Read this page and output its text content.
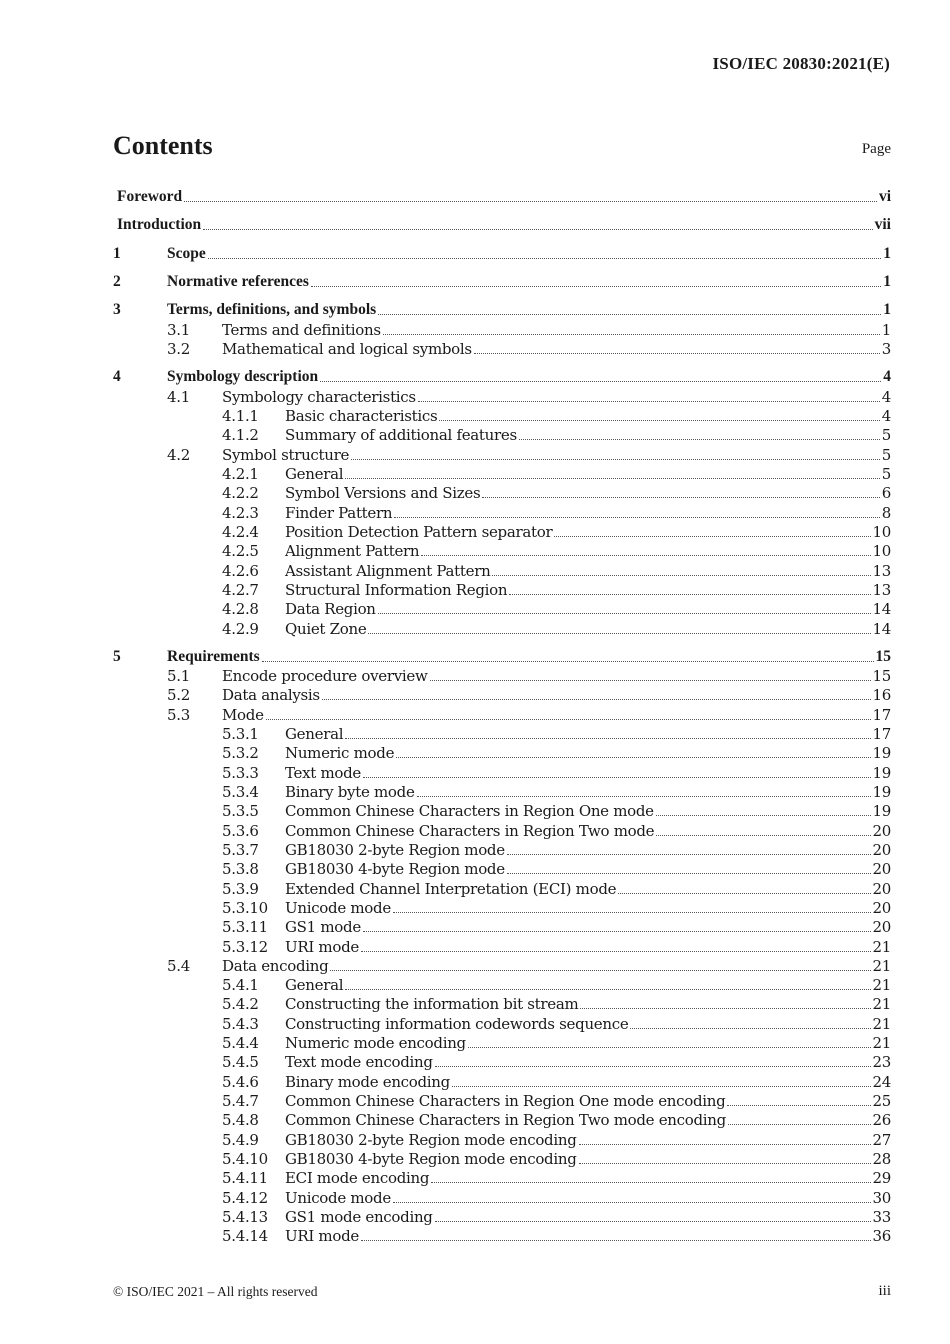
ISO/IEC 20830:2021(E)
Contents	Page
Foreword	vi
Introduction	vii
1	Scope	1
2	Normative references	1
3	Terms, definitions, and symbols	1
3.1 Terms and definitions	1
3.2 Mathematical and logical symbols	3
4	Symbology description	4
4.1 Symbology characteristics	4
4.1.1 Basic characteristics	4
4.1.2 Summary of additional features	5
4.2 Symbol structure	5
4.2.1 General	5
4.2.2 Symbol Versions and Sizes	6
4.2.3 Finder Pattern	8
4.2.4 Position Detection Pattern separator	10
4.2.5 Alignment Pattern	10
4.2.6 Assistant Alignment Pattern	13
4.2.7 Structural Information Region	13
4.2.8 Data Region	14
4.2.9 Quiet Zone	14
5	Requirements	15
5.1 Encode procedure overview	15
5.2 Data analysis	16
5.3 Mode	17
5.3.1 General	17
5.3.2 Numeric mode	19
5.3.3 Text mode	19
5.3.4 Binary byte mode	19
5.3.5 Common Chinese Characters in Region One mode	19
5.3.6 Common Chinese Characters in Region Two mode	20
5.3.7 GB18030 2-byte Region mode	20
5.3.8 GB18030 4-byte Region mode	20
5.3.9 Extended Channel Interpretation (ECI) mode	20
5.3.10 Unicode mode	20
5.3.11 GS1 mode	20
5.3.12 URI mode	21
5.4 Data encoding	21
5.4.1 General	21
5.4.2 Constructing the information bit stream	21
5.4.3 Constructing information codewords sequence	21
5.4.4 Numeric mode encoding	21
5.4.5 Text mode encoding	23
5.4.6 Binary mode encoding	24
5.4.7 Common Chinese Characters in Region One mode encoding	25
5.4.8 Common Chinese Characters in Region Two mode encoding	26
5.4.9 GB18030 2-byte Region mode encoding	27
5.4.10 GB18030 4-byte Region mode encoding	28
5.4.11 ECI mode encoding	29
5.4.12 Unicode mode	30
5.4.13 GS1 mode encoding	33
5.4.14 URI mode	36
© ISO/IEC 2021 – All rights reserved	iii
